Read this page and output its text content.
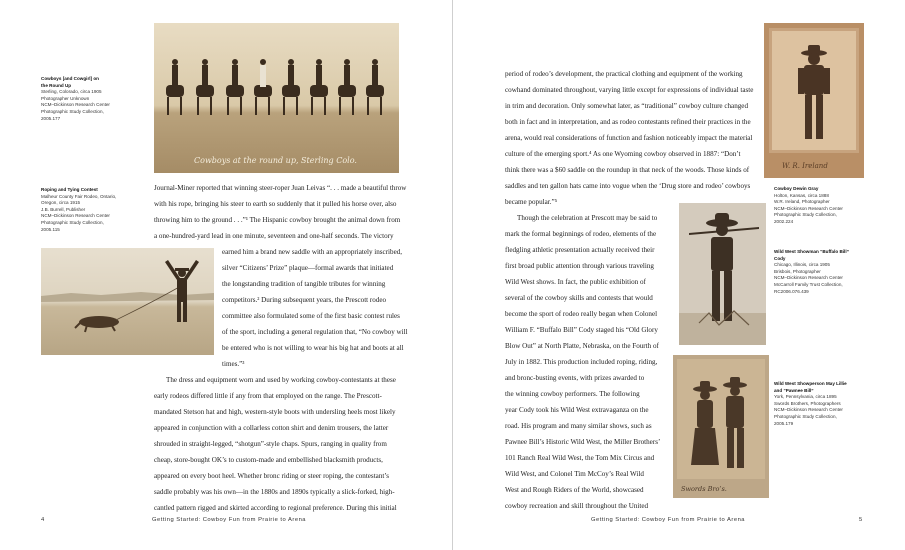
Cowboys at the round up, Sterling Colo.
Cowboys [and Cowgirl] on
the Round Up
Sterling, Colorado, circa 1905
Photographer Unknown
NCM–Dickinson Research Center
Photographic Study Collection,
2005.177
Roping and Tying Contest
Malheur County Fair Rodeo, Ontario,
Oregon, circa 1915
J.B. Burrell, Publisher
NCM–Dickinson Research Center
Photographic Study Collection,
2005.115
Journal-Miner reported that winning steer-roper Juan Leivas “. . . made a beautiful throw
with his rope, bringing his steer to earth so suddenly that it pulled his horse over, also
throwing him to the ground . . .”¹ The Hispanic cowboy brought the animal down from
a one-hundred-yard lead in one minute, seventeen and one-half seconds. The victory
earned him a brand new saddle with an appropriately inscribed,
silver “Citizens’ Prize” plaque—formal awards that initiated
the longstanding tradition of tangible tributes for winning
competitors.² During subsequent years, the Prescott rodeo
committee also formulated some of the first basic contest rules
of the sport, including a general regulation that, “No cowboy will
be entered who is not willing to wear his big hat and boots at all
times.”³
The dress and equipment worn and used by working cowboy-contestants at these
early rodeos differed little if any from that employed on the range. The Prescott-
mandated Stetson hat and high, western-style boots with undersling heels most likely
appeared in conjunction with a collarless cotton shirt and denim trousers, the latter
shrouded in straight-legged, “shotgun”-style chaps. Spurs, ranging in quality from
cheap, store-bought OK’s to custom-made and embellished blacksmith products,
appeared on every boot heel. Whether bronc riding or steer roping, the contestant’s
saddle probably was his own—in the 1880s and 1890s typically a slick-forked, high-
cantled pattern rigged and skirted according to regional preference. During this initial
4	Getting Started: Cowboy Fun from Prairie to Arena
period of rodeo’s development, the practical clothing and equipment of the working
cowhand dominated throughout, varying little except for expressions of individual taste
in trim and decoration. Only somewhat later, as “traditional” cowboy culture changed
both in fact and in interpretation, and as rodeo contestants refined their practices in the
arena, would real considerations of function and fashion noticeably impact the material
culture of the emerging sport.⁴ As one Wyoming cowboy observed in 1887: “Don’t
think there was a $60 saddle on the roundup in that neck of the woods. Those kinds of
saddles and ten gallon hats came into vogue when the ‘Drug store and rodeo’ cowboys
became popular.”⁵
Though the celebration at Prescott may be said to
mark the formal beginnings of rodeo, elements of the
fledgling athletic presentation actually received their
first broad public attention through various traveling
Wild West shows. In fact, the public exhibition of
several of the cowboy skills and contests that would
become the sport of rodeo really began when Colonel
William F. “Buffalo Bill” Cody staged his “Old Glory
Blow Out” at North Platte, Nebraska, on the Fourth of
July in 1882. This production included roping, riding,
and bronc-busting events, with prizes awarded to
the winning cowboy performers. The following
year Cody took his Wild West extravaganza on the
road. His program and many similar shows, such as
Pawnee Bill’s Historic Wild West, the Miller Brothers’
101 Ranch Real Wild West, the Tom Mix Circus and
Wild West, and Colonel Tim McCoy’s Real Wild
West and Rough Riders of the World, showcased
cowboy recreation and skill throughout the United
W. R. Ireland
Cowboy Dewin Gray
Holton, Kansas, circa 1888
W.R. Ireland, Photographer
NCM–Dickinson Research Center
Photographic Study Collection,
2002.224
Wild West Showman “Buffalo Bill”
Cody
Chicago, Illinois, circa 1905
Brisbois, Photographer
NCM–Dickinson Research Center
McCarroll Family Trust Collection,
RC2006.076.439
Swords Bro’s.
Wild West Showperson May Lillie
and “Pawnee Bill”
York, Pennsylvania, circa 1895
Swords Brothers, Photographers
NCM–Dickinson Research Center
Photographic Study Collection,
2005.179
Getting Started: Cowboy Fun from Prairie to Arena	5
